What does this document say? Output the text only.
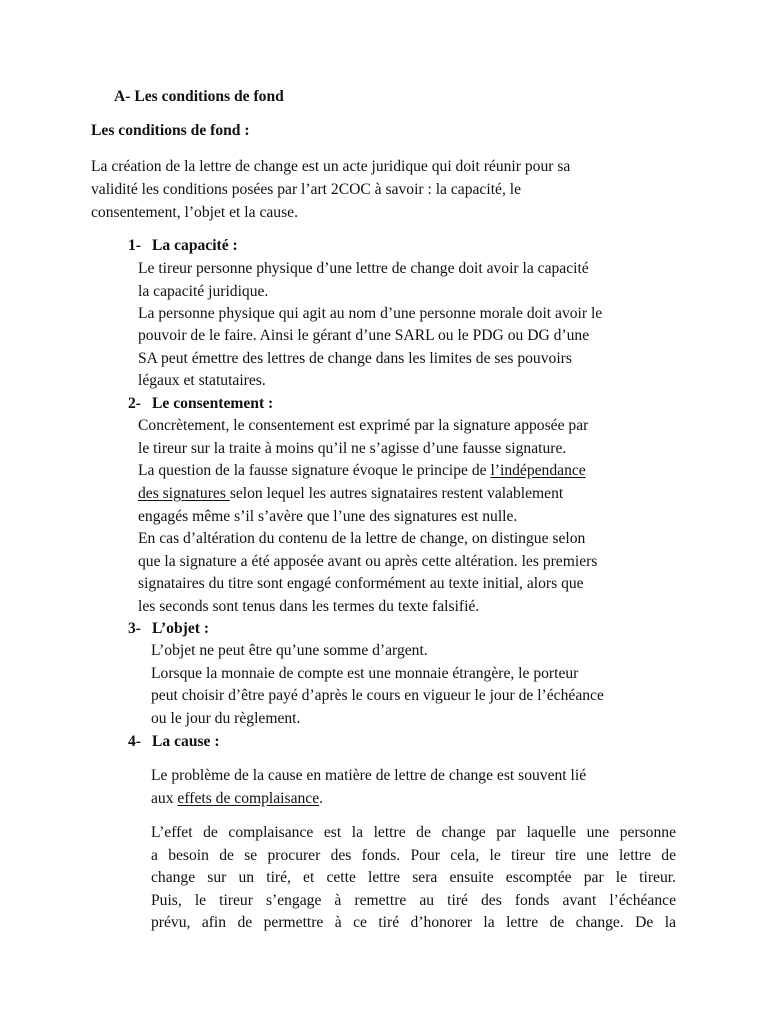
A- Les conditions de fond
Les conditions de fond :
La création de la lettre de change est un acte juridique qui doit réunir pour sa
validité les conditions posées par l’art 2COC à savoir : la capacité, le
consentement, l’objet et la cause.
1- La capacité :
Le tireur personne physique d’une lettre de change doit avoir la capacité
la capacité juridique.
La personne physique qui agit au nom d’une personne morale doit avoir le
pouvoir de le faire. Ainsi le gérant d’une SARL ou le PDG ou DG d’une
SA peut émettre des lettres de change dans les limites de ses pouvoirs
légaux et statutaires.
2- Le consentement :
Concrètement, le consentement est exprimé par la signature apposée par
le tireur sur la traite à moins qu’il ne s’agisse d’une fausse signature.
La question de la fausse signature évoque le principe de l’indépendance
des signatures selon lequel les autres signataires restent valablement
engagés même s’il s’avère que l’une des signatures est nulle.
En cas d’altération du contenu de la lettre de change, on distingue selon
que la signature a été apposée avant ou après cette altération. les premiers
signataires du titre sont engagé conformément au texte initial, alors que
les seconds sont tenus dans les termes du texte falsifié.
3- L’objet :
L’objet ne peut être qu’une somme d’argent.
Lorsque la monnaie de compte est une monnaie étrangère, le porteur
peut choisir d’être payé d’après le cours en vigueur le jour de l’échéance
ou le jour du règlement.
4- La cause :
Le problème de la cause en matière de lettre de change est souvent lié
aux effets de complaisance.
L’effet de complaisance est la lettre de change par laquelle une personne
a besoin de se procurer des fonds. Pour cela, le tireur tire une lettre de
change sur un tiré, et cette lettre sera ensuite escomptée par le tireur.
Puis, le tireur s’engage à remettre au tiré des fonds avant l’échéance
prévu, afin de permettre à ce tiré d’honorer la lettre de change. De la
